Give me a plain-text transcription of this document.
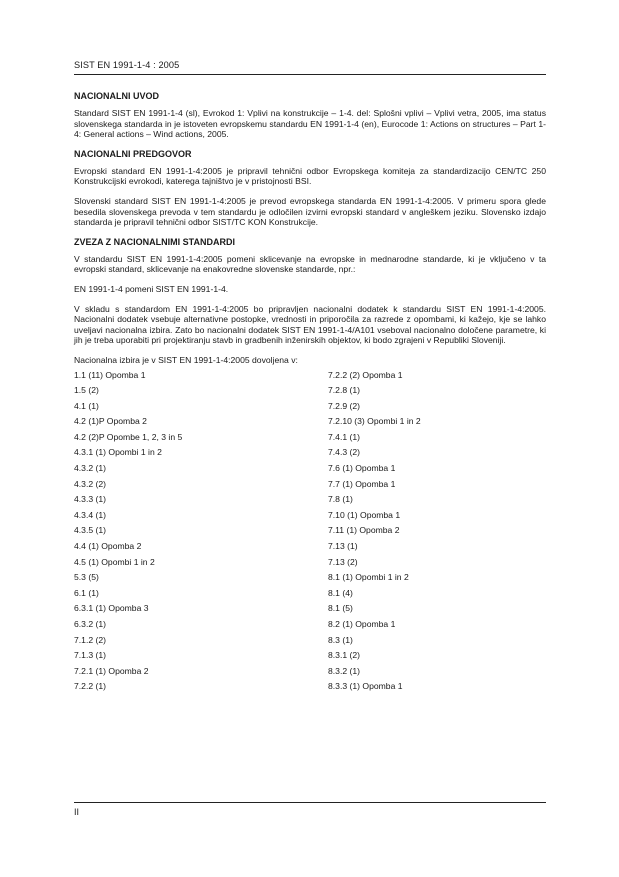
SIST EN 1991-1-4 : 2005
NACIONALNI UVOD

Standard SIST EN 1991-1-4 (sl), Evrokod 1: Vplivi na konstrukcije – 1-4. del: Splošni vplivi – Vplivi vetra, 2005, ima status slovenskega standarda in je istoveten evropskemu standardu EN 1991-1-4 (en), Eurocode 1: Actions on structures – Part 1-4: General actions – Wind actions, 2005.

NACIONALNI PREDGOVOR

Evropski standard EN 1991-1-4:2005 je pripravil tehnični odbor Evropskega komiteja za standardizacijo CEN/TC 250 Konstrukcijski evrokodi, katerega tajništvo je v pristojnosti BSI.

Slovenski standard SIST EN 1991-1-4:2005 je prevod evropskega standarda EN 1991-1-4:2005. V primeru spora glede besedila slovenskega prevoda v tem standardu je odločilen izvirni evropski standard v angleškem jeziku. Slovensko izdajo standarda je pripravil tehnični odbor SIST/TC KON Konstrukcije.

ZVEZA Z NACIONALNIMI STANDARDI

V standardu SIST EN 1991-1-4:2005 pomeni sklicevanje na evropske in mednarodne standarde, ki je vključeno v ta evropski standard, sklicevanje na enakovredne slovenske standarde, npr.:

EN 1991-1-4 pomeni SIST EN 1991-1-4.

V skladu s standardom EN 1991-1-4:2005 bo pripravljen nacionalni dodatek k standardu SIST EN 1991-1-4:2005. Nacionalni dodatek vsebuje alternativne postopke, vrednosti in priporočila za razrede z opombami, ki kažejo, kje se lahko uveljavi nacionalna izbira. Zato bo nacionalni dodatek SIST EN 1991-1-4/A101 vseboval nacionalno določene parametre, ki jih je treba uporabiti pri projektiranju stavb in gradbenih inženirskih objektov, ki bodo zgrajeni v Republiki Sloveniji.

Nacionalna izbira je v SIST EN 1991-1-4:2005 dovoljena v:

1.1 (11) Opomba 1
1.5 (2)
4.1 (1)
4.2 (1)P Opomba 2
4.2 (2)P Opombe 1, 2, 3 in 5
4.3.1 (1) Opombi 1 in 2
4.3.2 (1)
4.3.2 (2)
4.3.3 (1)
4.3.4 (1)
4.3.5 (1)
4.4 (1) Opomba 2
4.5 (1) Opombi 1 in 2
5.3 (5)
6.1 (1)
6.3.1 (1) Opomba 3
6.3.2 (1)
7.1.2 (2)
7.1.3 (1)
7.2.1 (1) Opomba 2
7.2.2 (1)
7.2.2 (2) Opomba 1
7.2.8 (1)
7.2.9 (2)
7.2.10 (3) Opombi 1 in 2
7.4.1 (1)
7.4.3 (2)
7.6 (1) Opomba 1
7.7 (1) Opomba 1
7.8 (1)
7.10 (1) Opomba 1
7.11 (1) Opomba 2
7.13 (1)
7.13 (2)
8.1 (1) Opombi 1 in 2
8.1 (4)
8.1 (5)
8.2 (1) Opomba 1
8.3 (1)
8.3.1 (2)
8.3.2 (1)
8.3.3 (1) Opomba 1
II
